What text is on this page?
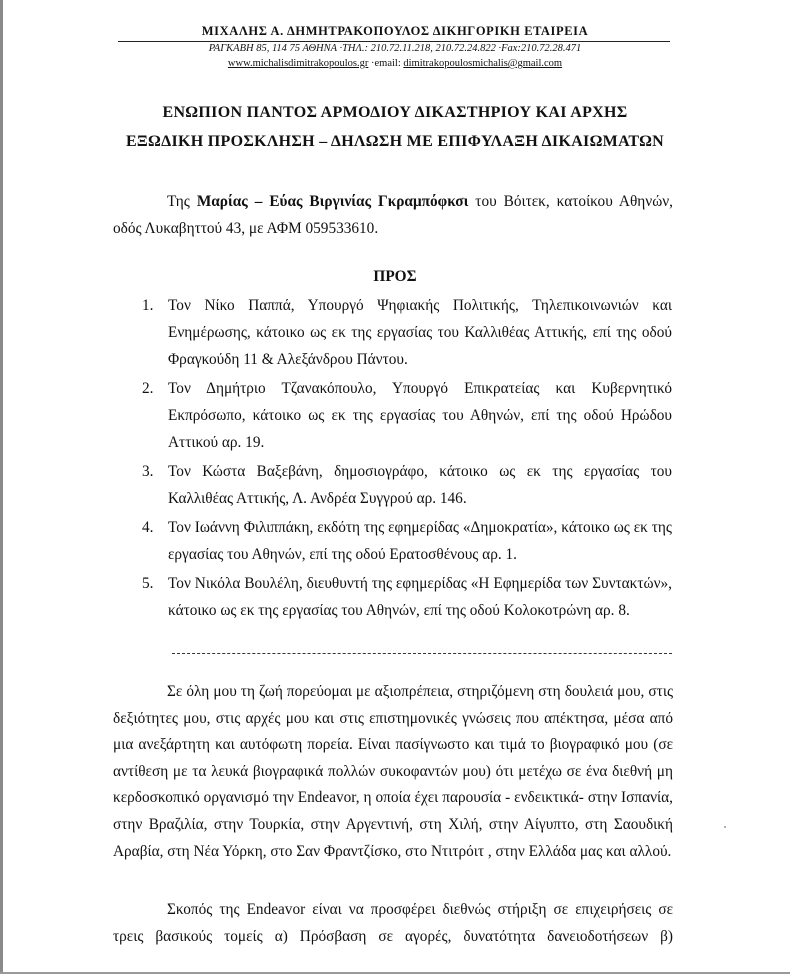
ΜΙΧΑΛΗΣ Α. ΔΗΜΗΤΡΑΚΟΠΟΥΛΟΣ ΔΙΚΗΓΟΡΙΚΗ ΕΤΑΙΡΕΙΑ
ΡΑΓΚΑΒΗ 85, 114 75 ΑΘΗΝΑ ·ΤΗΛ.: 210.72.11.218, 210.72.24.822 ·Fax:210.72.28.471
www.michalisdimitrakopoulos.gr ·email: dimitrakopoulosmichalis@gmail.com
ΕΝΩΠΙΟΝ ΠΑΝΤΟΣ ΑΡΜΟΔΙΟΥ ΔΙΚΑΣΤΗΡΙΟΥ ΚΑΙ ΑΡΧΗΣ
ΕΞΩΔΙΚΗ ΠΡΟΣΚΛΗΣΗ – ΔΗΛΩΣΗ ΜΕ ΕΠΙΦΥΛΑΞΗ ΔΙΚΑΙΩΜΑΤΩΝ
Της Μαρίας – Εύας Βιργινίας Γκραμπόφκσι του Βόιτεκ, κατοίκου Αθηνών, οδός Λυκαβηττού 43, με ΑΦΜ 059533610.
ΠΡΟΣ
1. Τον Νίκο Παππά, Υπουργό Ψηφιακής Πολιτικής, Τηλεπικοινωνιών και Ενημέρωσης, κάτοικο ως εκ της εργασίας του Καλλιθέας Αττικής, επί της οδού Φραγκούδη 11 & Αλεξάνδρου Πάντου.
2. Τον Δημήτριο Τζανακόπουλο, Υπουργό Επικρατείας και Κυβερνητικό Εκπρόσωπο, κάτοικο ως εκ της εργασίας του Αθηνών, επί της οδού Ηρώδου Αττικού αρ. 19.
3. Τον Κώστα Βαξεβάνη, δημοσιογράφο, κάτοικο ως εκ της εργασίας του Καλλιθέας Αττικής, Λ. Ανδρέα Συγγρού αρ. 146.
4. Τον Ιωάννη Φιλιππάκη, εκδότη της εφημερίδας «Δημοκρατία», κάτοικο ως εκ της εργασίας του Αθηνών, επί της οδού Ερατοσθένους αρ. 1.
5. Τον Νικόλα Βουλέλη, διευθυντή της εφημερίδας «Η Εφημερίδα των Συντακτών», κάτοικο ως εκ της εργασίας του Αθηνών, επί της οδού Κολοκοτρώνη αρ. 8.
Σε όλη μου τη ζωή πορεύομαι με αξιοπρέπεια, στηριζόμενη στη δουλειά μου, στις δεξιότητες μου, στις αρχές μου και στις επιστημονικές γνώσεις που απέκτησα, μέσα από μια ανεξάρτητη και αυτόφωτη πορεία. Είναι πασίγνωστο και τιμά το βιογραφικό μου (σε αντίθεση με τα λευκά βιογραφικά πολλών συκοφαντών μου) ότι μετέχω σε ένα διεθνή μη κερδοσκοπικό οργανισμό την Endeavor, η οποία έχει παρουσία - ενδεικτικά- στην Ισπανία, στην Βραζιλία, στην Τουρκία, στην Αργεντινή, στη Χιλή, στην Αίγυπτο, στη Σαουδική Αραβία, στη Νέα Υόρκη, στο Σαν Φραντζίσκο, στο Ντιτρόιτ , στην Ελλάδα μας και αλλού.
Σκοπός της Endeavor είναι να προσφέρει διεθνώς στήριξη σε επιχειρήσεις σε τρεις βασικούς τομείς α) Πρόσβαση σε αγορές, δυνατότητα δανειοδοτήσεων β)
